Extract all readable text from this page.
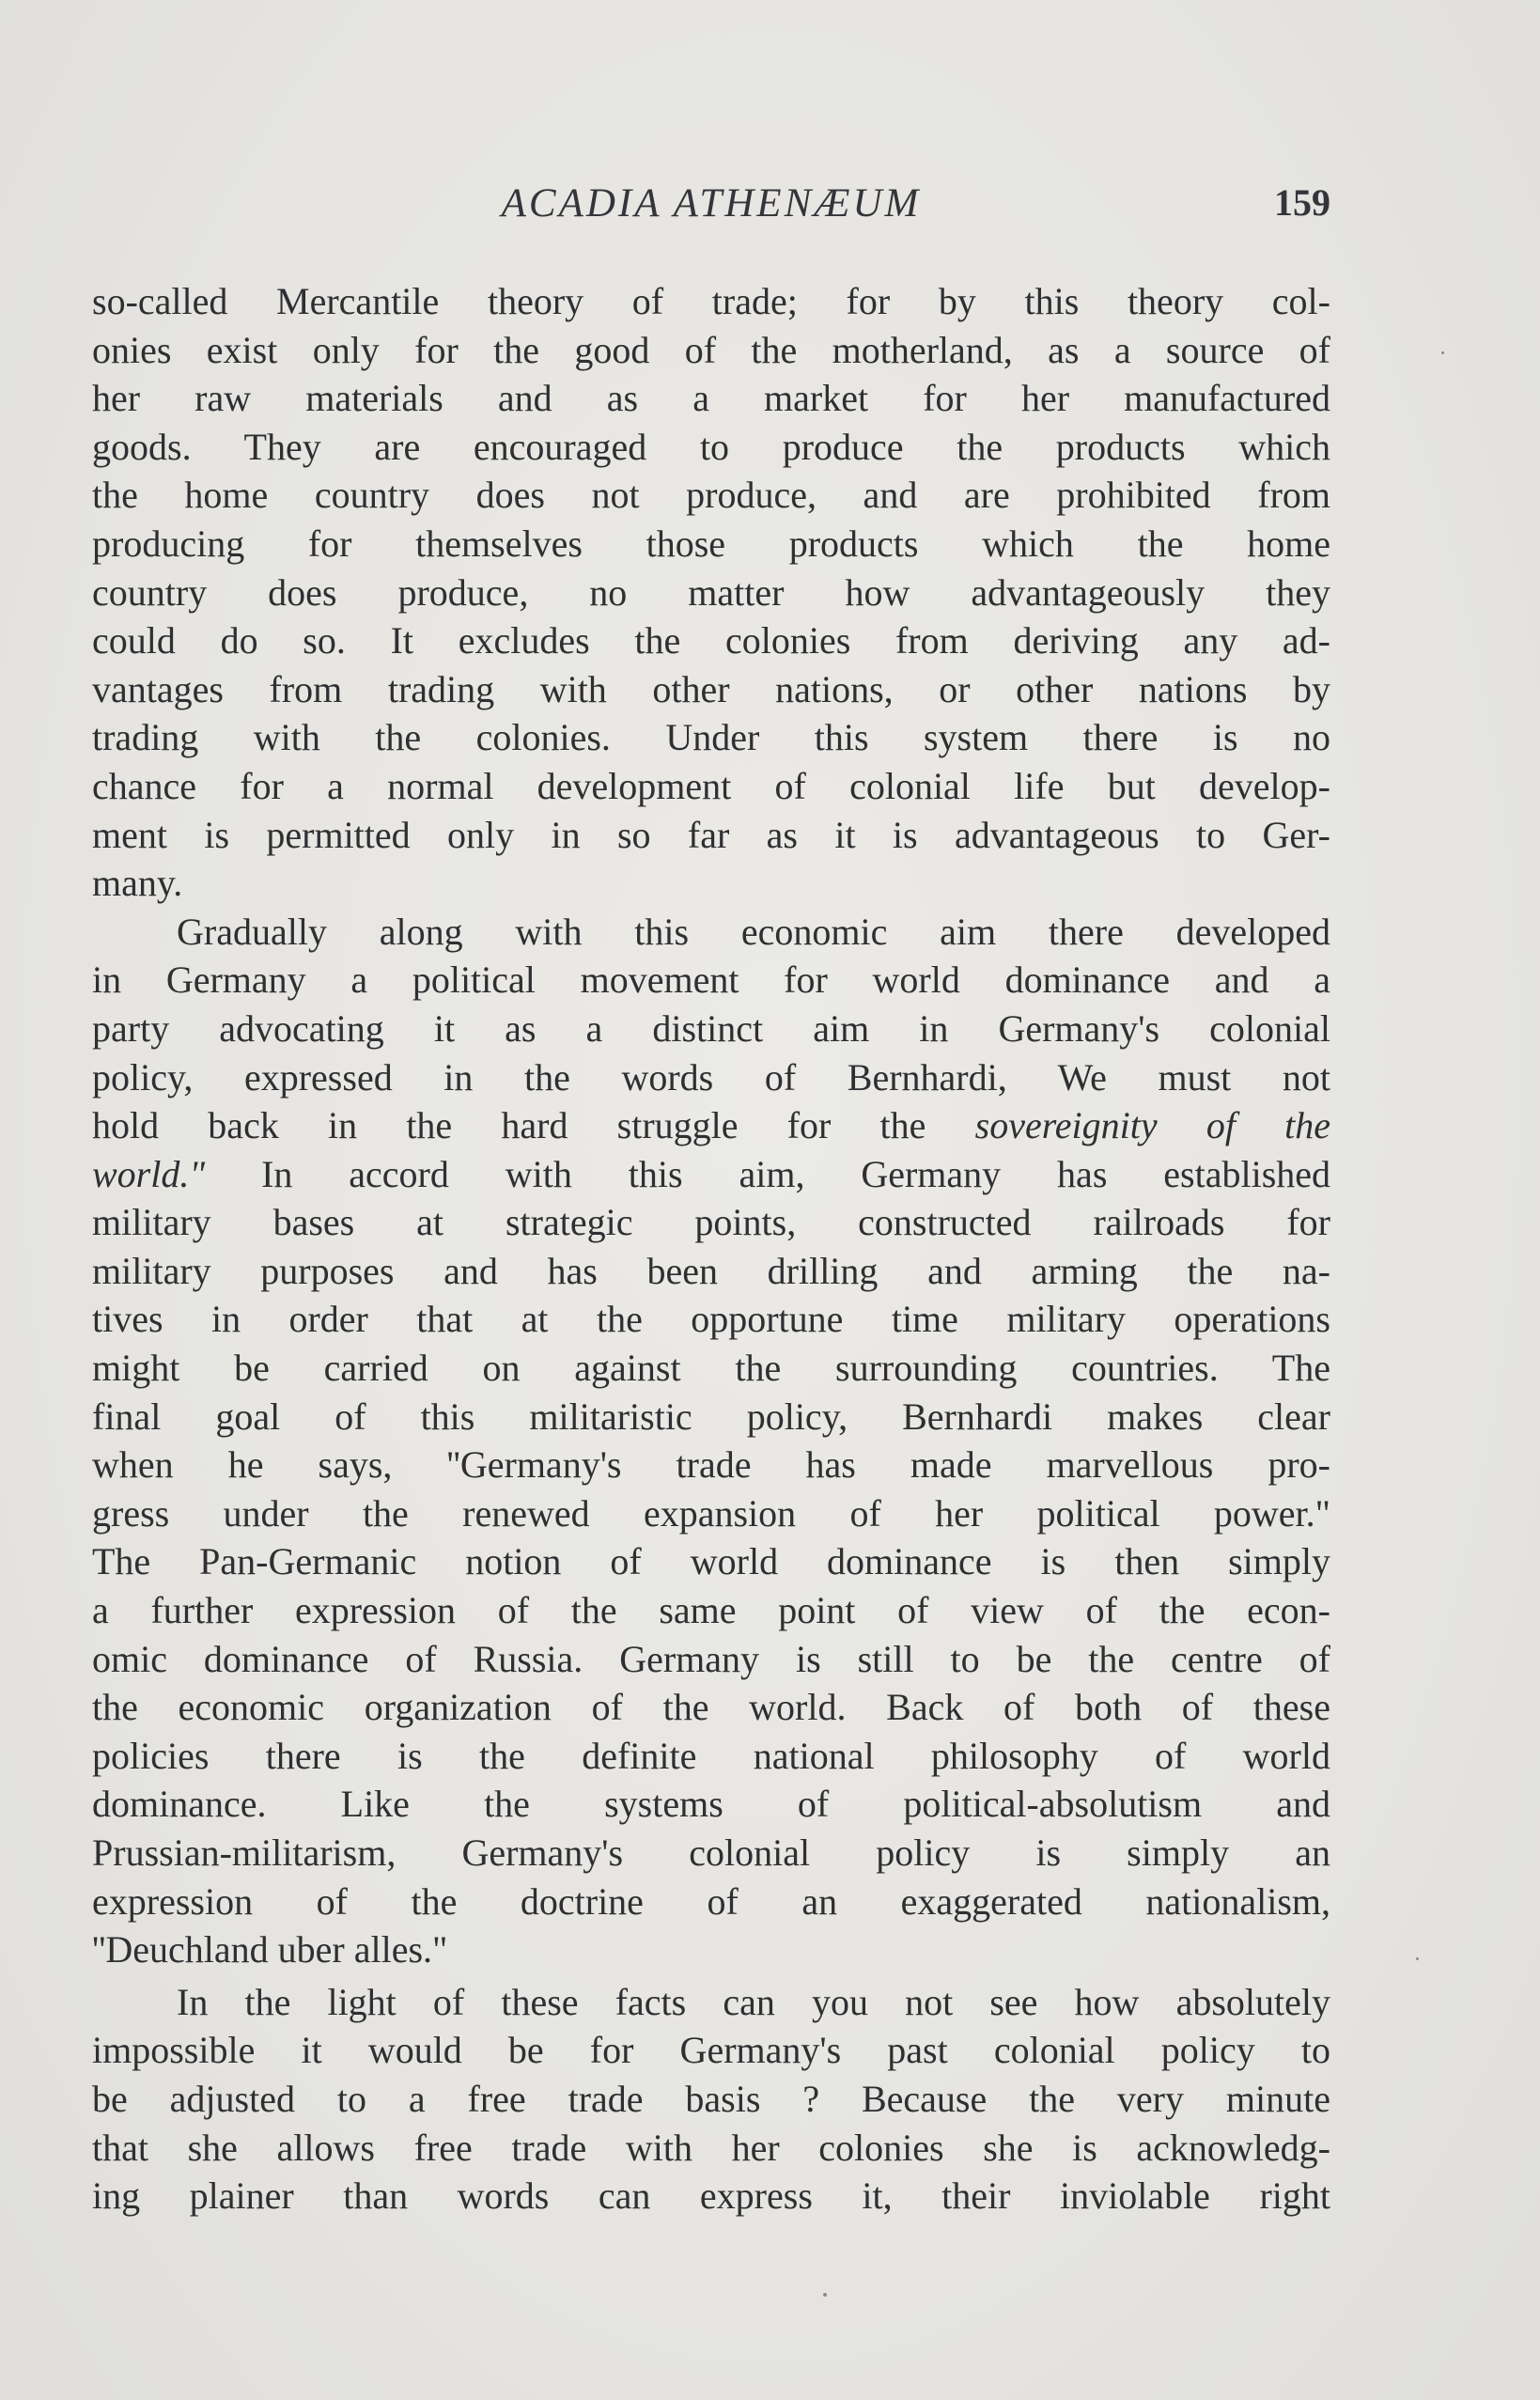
ACADIA ATHENÆUM	159
so-called Mercantile theory of trade; for by this theory col-
onies exist only for the good of the motherland, as a source of
her raw materials and as a market for her manufactured
goods. They are encouraged to produce the products which
the home country does not produce, and are prohibited from
producing for themselves those products which the home
country does produce, no matter how advantageously they
could do so. It excludes the colonies from deriving any ad-
vantages from trading with other nations, or other nations by
trading with the colonies. Under this system there is no
chance for a normal development of colonial life but develop-
ment is permitted only in so far as it is advantageous to Ger-
many.
Gradually along with this economic aim there developed
in Germany a political movement for world dominance and a
party advocating it as a distinct aim in Germany's colonial
policy, expressed in the words of Bernhardi, We must not
hold back in the hard struggle for the sovereignity of the
world." In accord with this aim, Germany has established
military bases at strategic points, constructed railroads for
military purposes and has been drilling and arming the na-
tives in order that at the opportune time military operations
might be carried on against the surrounding countries. The
final goal of this militaristic policy, Bernhardi makes clear
when he says, ''Germany's trade has made marvellous pro-
gress under the renewed expansion of her political power."
The Pan-Germanic notion of world dominance is then simply
a further expression of the same point of view of the econ-
omic dominance of Russia. Germany is still to be the centre of
the economic organization of the world. Back of both of these
policies there is the definite national philosophy of world
dominance. Like the systems of political-absolutism and
Prussian-militarism, Germany's colonial policy is simply an
expression of the doctrine of an exaggerated nationalism,
''Deuchland uber alles."
In the light of these facts can you not see how absolutely
impossible it would be for Germany's past colonial policy to
be adjusted to a free trade basis ? Because the very minute
that she allows free trade with her colonies she is acknowledg-
ing plainer than words can express it, their inviolable right
